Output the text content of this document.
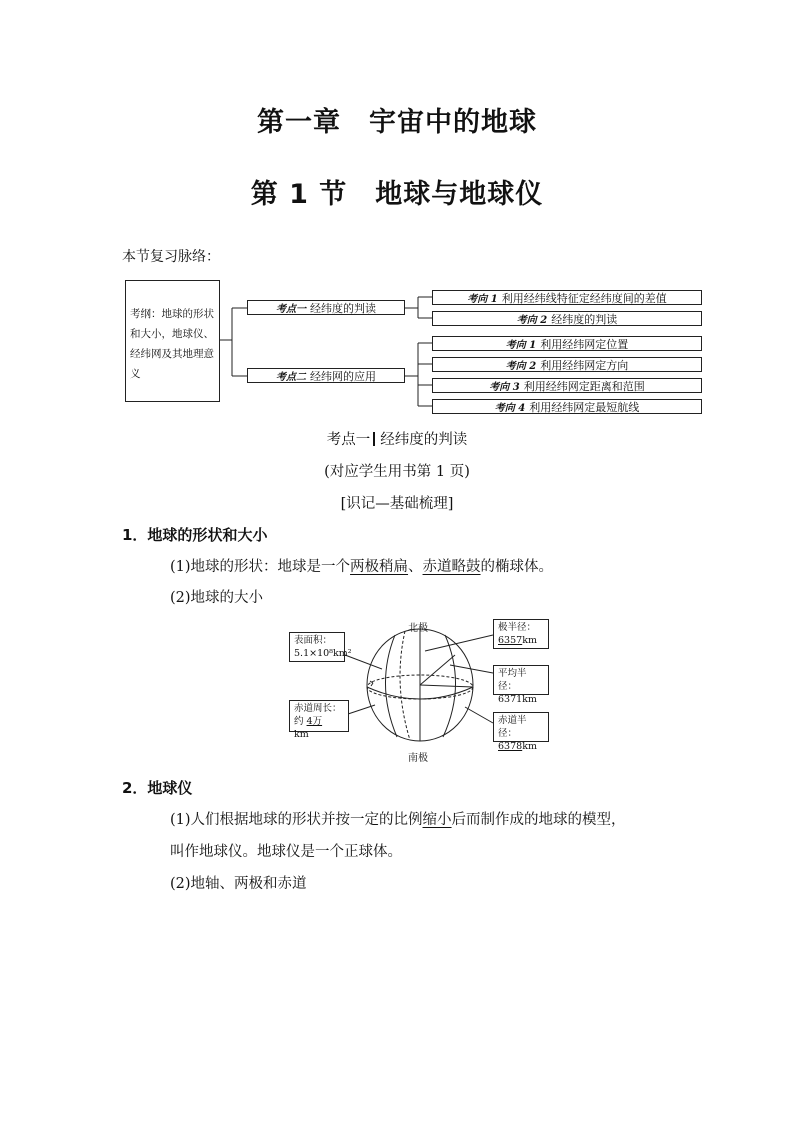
第一章　宇宙中的地球
第 1 节　地球与地球仪
本节复习脉络：
考纲：地球的形状和大小，地球仪、经纬网及其地理意义
考点一 经纬度的判读
考点二 经纬网的应用
考向 1 利用经纬线特征定经纬度间的差值
考向 2 经纬度的判读
考向 1 利用经纬网定位置
考向 2 利用经纬网定方向
考向 3 利用经纬网定距离和范围
考向 4 利用经纬网定最短航线
考点一 经纬度的判读
(对应学生用书第 1 页)
[识记—基础梳理]
1．地球的形状和大小
(1)地球的形状：地球是一个两极稍扁、赤道略鼓的椭球体。
(2)地球的大小
北极
南极
表面积：
5.1×10⁸km²
赤道周长：
约 4万　km
极半径：
6357km
平均半径：
6371km
赤道半径：
6378km
2．地球仪
(1)人们根据地球的形状并按一定的比例缩小后而制作成的地球的模型，
叫作地球仪。地球仪是一个正球体。
(2)地轴、两极和赤道
